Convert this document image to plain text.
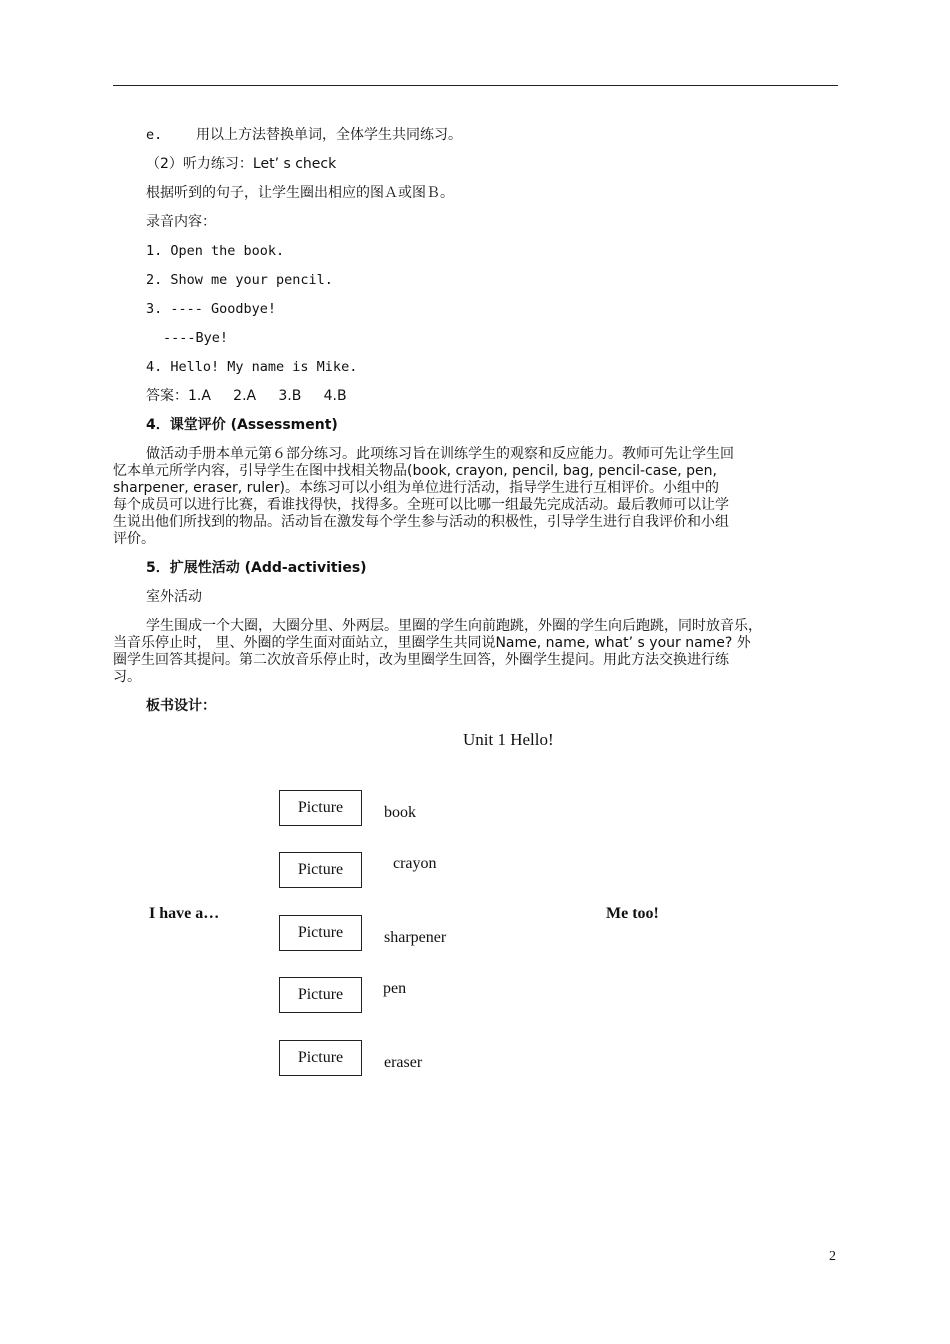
e. 用以上方法替换单词，全体学生共同练习。
（2）听力练习：Let’ s check
根据听到的句子，让学生圈出相应的图Ａ或图Ｂ。
录音内容：
1. Open the book.
2. Show me your pencil.
3. ---- Goodbye!
----Bye!
4. Hello! My name is Mike.
答案：1.A     2.A     3.B     4.B
4．课堂评价 (Assessment)
做活动手册本单元第６部分练习。此项练习旨在训练学生的观察和反应能力。教师可先让学生回
忆本单元所学内容，引导学生在图中找相关物品(book, crayon, pencil, bag, pencil-case, pen,
sharpener, eraser, ruler)。本练习可以小组为单位进行活动，指导学生进行互相评价。小组中的
每个成员可以进行比赛，看谁找得快，找得多。全班可以比哪一组最先完成活动。最后教师可以让学
生说出他们所找到的物品。活动旨在激发每个学生参与活动的积极性，引导学生进行自我评价和小组
评价。
5．扩展性活动 (Add-activities)
室外活动
学生围成一个大圈，大圈分里、外两层。里圈的学生向前跑跳，外圈的学生向后跑跳，同时放音乐，
当音乐停止时， 里、外圈的学生面对面站立，里圈学生共同说Name, name, what’ s your name? 外
圈学生回答其提问。第二次放音乐停止时，改为里圈学生回答，外圈学生提问。用此方法交换进行练
习。
板书设计：
Unit 1 Hello!
Picture
Picture
Picture
Picture
Picture
book
crayon
sharpener
pen
eraser
I have a…	Me too!
2
